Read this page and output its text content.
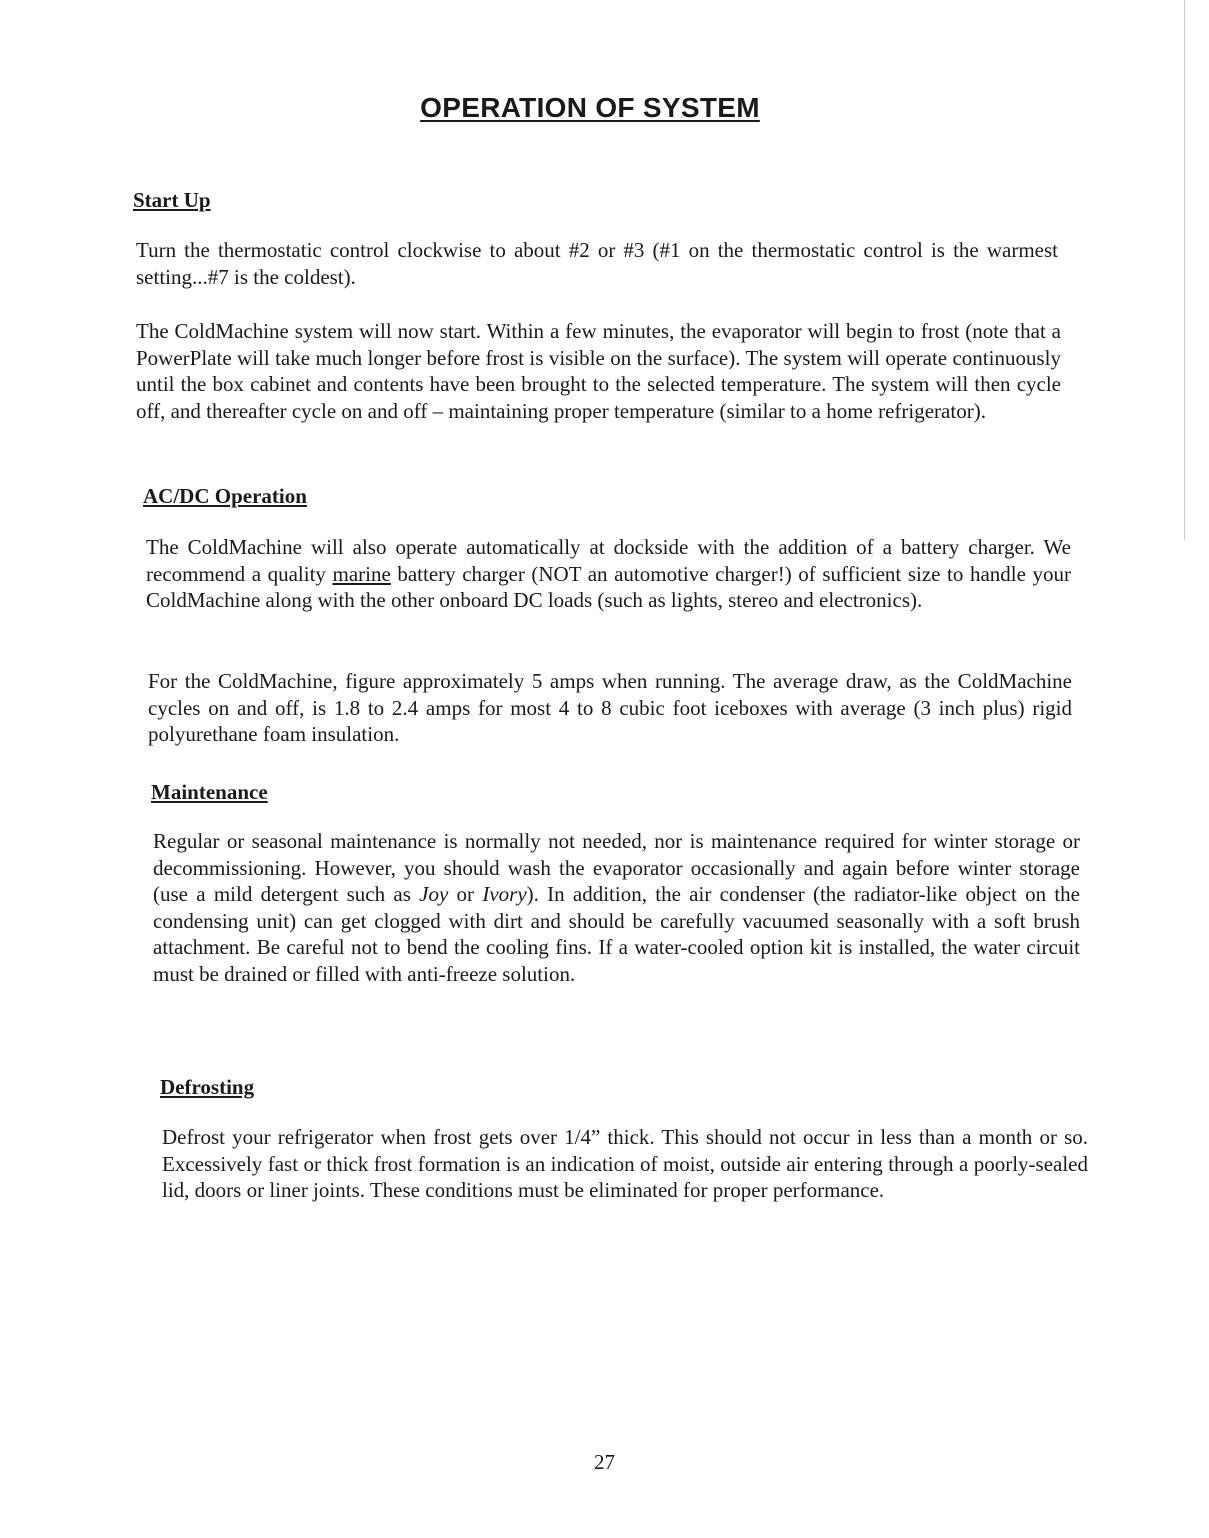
OPERATION OF SYSTEM
Start Up

Turn the thermostatic control clockwise to about #2 or #3 (#1 on the thermostatic control is the warmest setting...#7 is the coldest).

The ColdMachine system will now start. Within a few minutes, the evaporator will begin to frost (note that a PowerPlate will take much longer before frost is visible on the surface). The system will operate continuously until the box cabinet and contents have been brought to the selected temperature. The system will then cycle off, and thereafter cycle on and off – maintaining proper temperature (similar to a home refrigerator).

AC/DC Operation

The ColdMachine will also operate automatically at dockside with the addition of a battery charger. We recommend a quality marine battery charger (NOT an automotive charger!) of sufficient size to handle your ColdMachine along with the other onboard DC loads (such as lights, stereo and electronics).

For the ColdMachine, figure approximately 5 amps when running. The average draw, as the ColdMachine cycles on and off, is 1.8 to 2.4 amps for most 4 to 8 cubic foot iceboxes with average (3 inch plus) rigid polyurethane foam insulation.

Maintenance

Regular or seasonal maintenance is normally not needed, nor is maintenance required for winter storage or decommissioning. However, you should wash the evaporator occasionally and again before winter storage (use a mild detergent such as Joy or Ivory). In addition, the air condenser (the radiator-like object on the condensing unit) can get clogged with dirt and should be carefully vacuumed seasonally with a soft brush attachment. Be careful not to bend the cooling fins. If a water-cooled option kit is installed, the water circuit must be drained or filled with anti-freeze solution.

Defrosting

Defrost your refrigerator when frost gets over 1/4” thick. This should not occur in less than a month or so. Excessively fast or thick frost formation is an indication of moist, outside air entering through a poorly-sealed lid, doors or liner joints. These conditions must be eliminated for proper performance.

27
